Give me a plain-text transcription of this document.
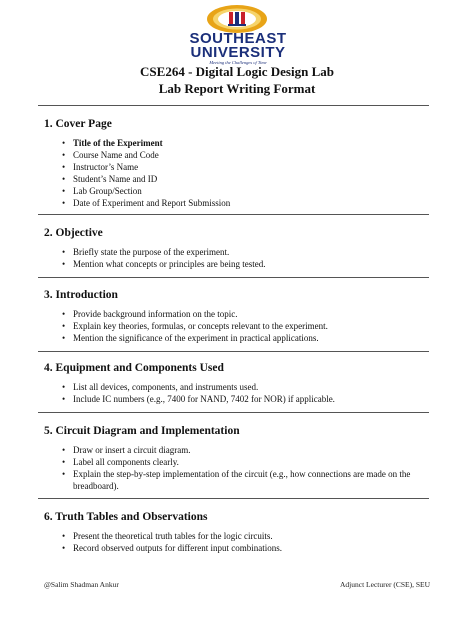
SOUTHEAST
UNIVERSITY
Meeting the Challenges of Time
CSE264 - Digital Logic Design Lab
Lab Report Writing Format
1. Cover Page
• Title of the Experiment
• Course Name and Code
• Instructor’s Name
• Student’s Name and ID
• Lab Group/Section
• Date of Experiment and Report Submission
2. Objective
• Briefly state the purpose of the experiment.
• Mention what concepts or principles are being tested.
3. Introduction
• Provide background information on the topic.
• Explain key theories, formulas, or concepts relevant to the experiment.
• Mention the significance of the experiment in practical applications.
4. Equipment and Components Used
• List all devices, components, and instruments used.
• Include IC numbers (e.g., 7400 for NAND, 7402 for NOR) if applicable.
5. Circuit Diagram and Implementation
• Draw or insert a circuit diagram.
• Label all components clearly.
• Explain the step-by-step implementation of the circuit (e.g., how connections are made on the breadboard).
6. Truth Tables and Observations
• Present the theoretical truth tables for the logic circuits.
• Record observed outputs for different input combinations.
@Salim Shadman Ankur	Adjunct Lecturer (CSE), SEU
